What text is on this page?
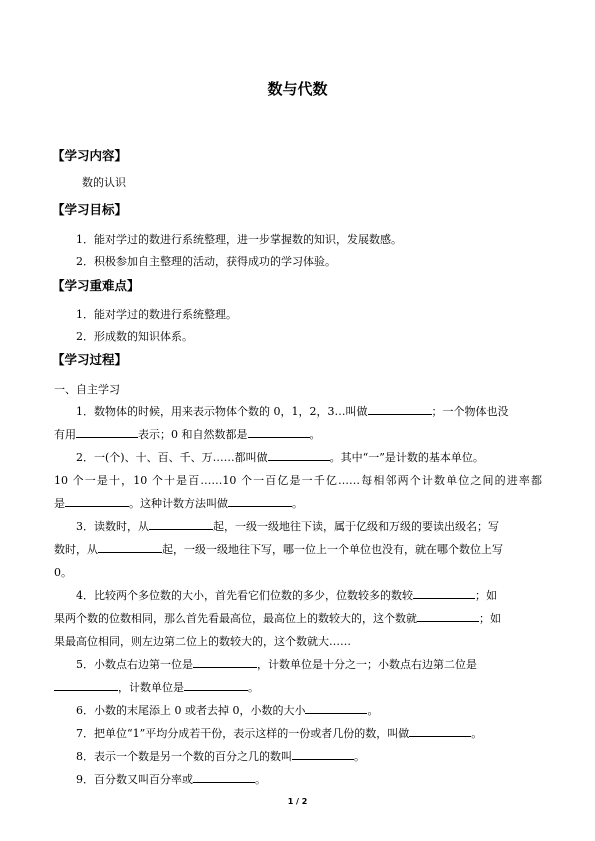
数与代数
【学习内容】
数的认识
【学习目标】
1．能对学过的数进行系统整理，进一步掌握数的知识，发展数感。
2．积极参加自主整理的活动，获得成功的学习体验。
【学习重难点】
1．能对学过的数进行系统整理。
2．形成数的知识体系。
【学习过程】
一、自主学习
1．数物体的时候，用来表示物体个数的 0，1，2，3…叫做	；一个物体也没
有用	表示；0 和自然数都是	。
2．一(个)、十、百、千、万……都叫做	。其中“一”是计数的基本单位。
10 个一是十，10 个十是百……10 个一百亿是一千亿……每相邻两个计数单位之间的进率都
是	。这种计数方法叫做	。
3．读数时，从	起，一级一级地往下读，属于亿级和万级的要读出级名；写
数时，从	起，一级一级地往下写，哪一位上一个单位也没有，就在哪个数位上写
0。
4．比较两个多位数的大小，首先看它们位数的多少，位数较多的数较	；如
果两个数的位数相同，那么首先看最高位，最高位上的数较大的，这个数就	；如
果最高位相同，则左边第二位上的数较大的，这个数就大……
5．小数点右边第一位是	，计数单位是十分之一；小数点右边第二位是
，计数单位是	。
6．小数的末尾添上 0 或者去掉 0，小数的大小	。
7．把单位“1”平均分成若干份，表示这样的一份或者几份的数，叫做	。
8．表示一个数是另一个数的百分之几的数叫	。
9．百分数又叫百分率或	。
1 / 2
